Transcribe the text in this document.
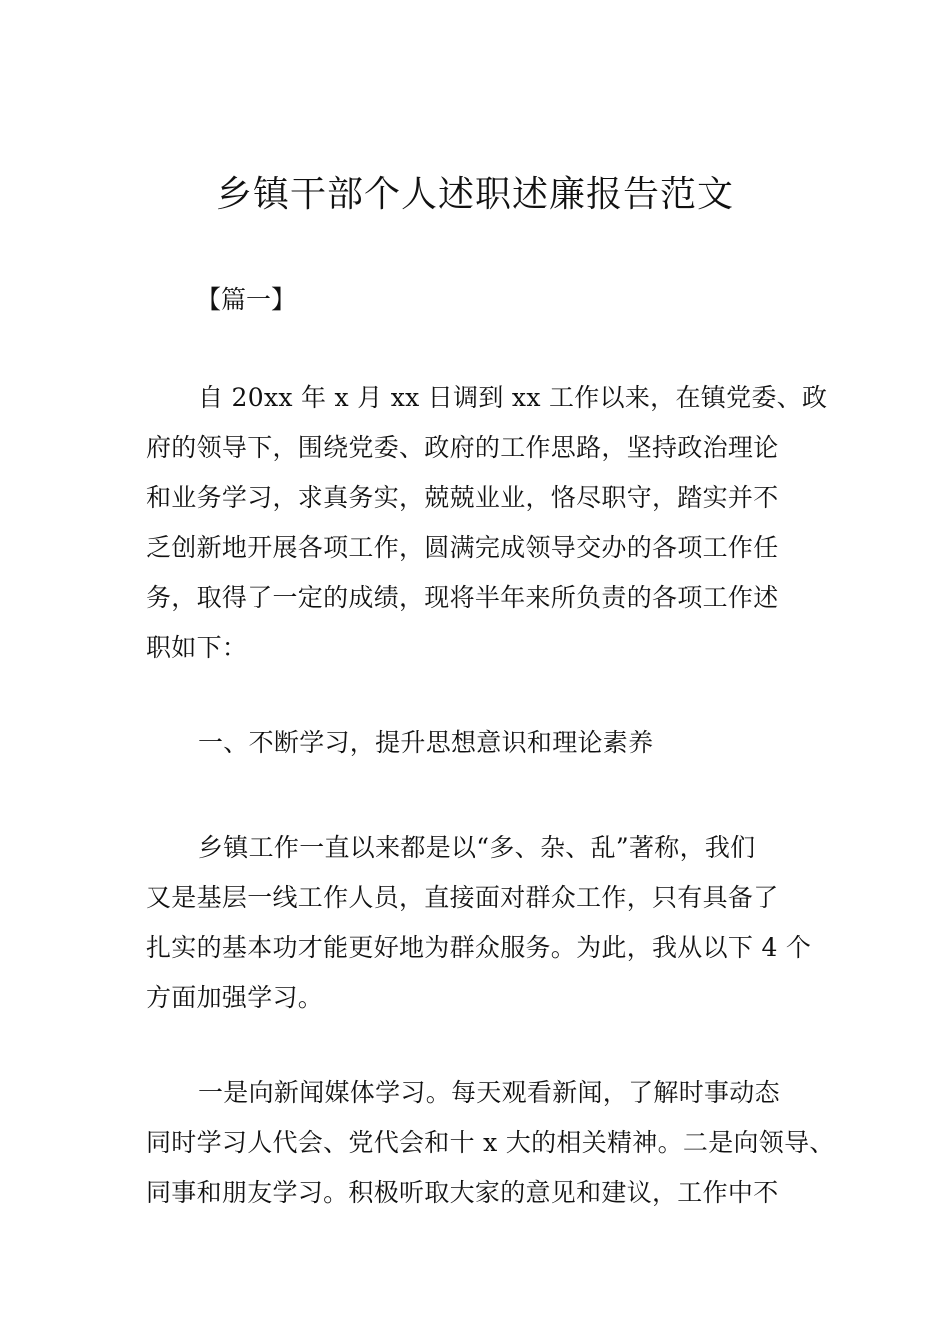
乡镇干部个人述职述廉报告范文
【篇一】
自 20xx 年 x 月 xx 日调到 xx 工作以来，在镇党委、政
府的领导下，围绕党委、政府的工作思路，坚持政治理论
和业务学习，求真务实，兢兢业业，恪尽职守，踏实并不
乏创新地开展各项工作，圆满完成领导交办的各项工作任
务，取得了一定的成绩，现将半年来所负责的各项工作述
职如下：
一、不断学习，提升思想意识和理论素养
乡镇工作一直以来都是以“多、杂、乱”著称，我们
又是基层一线工作人员，直接面对群众工作，只有具备了
扎实的基本功才能更好地为群众服务。为此，我从以下 4 个
方面加强学习。
一是向新闻媒体学习。每天观看新闻，了解时事动态
同时学习人代会、党代会和十 x 大的相关精神。二是向领导、
同事和朋友学习。积极听取大家的意见和建议，工作中不
